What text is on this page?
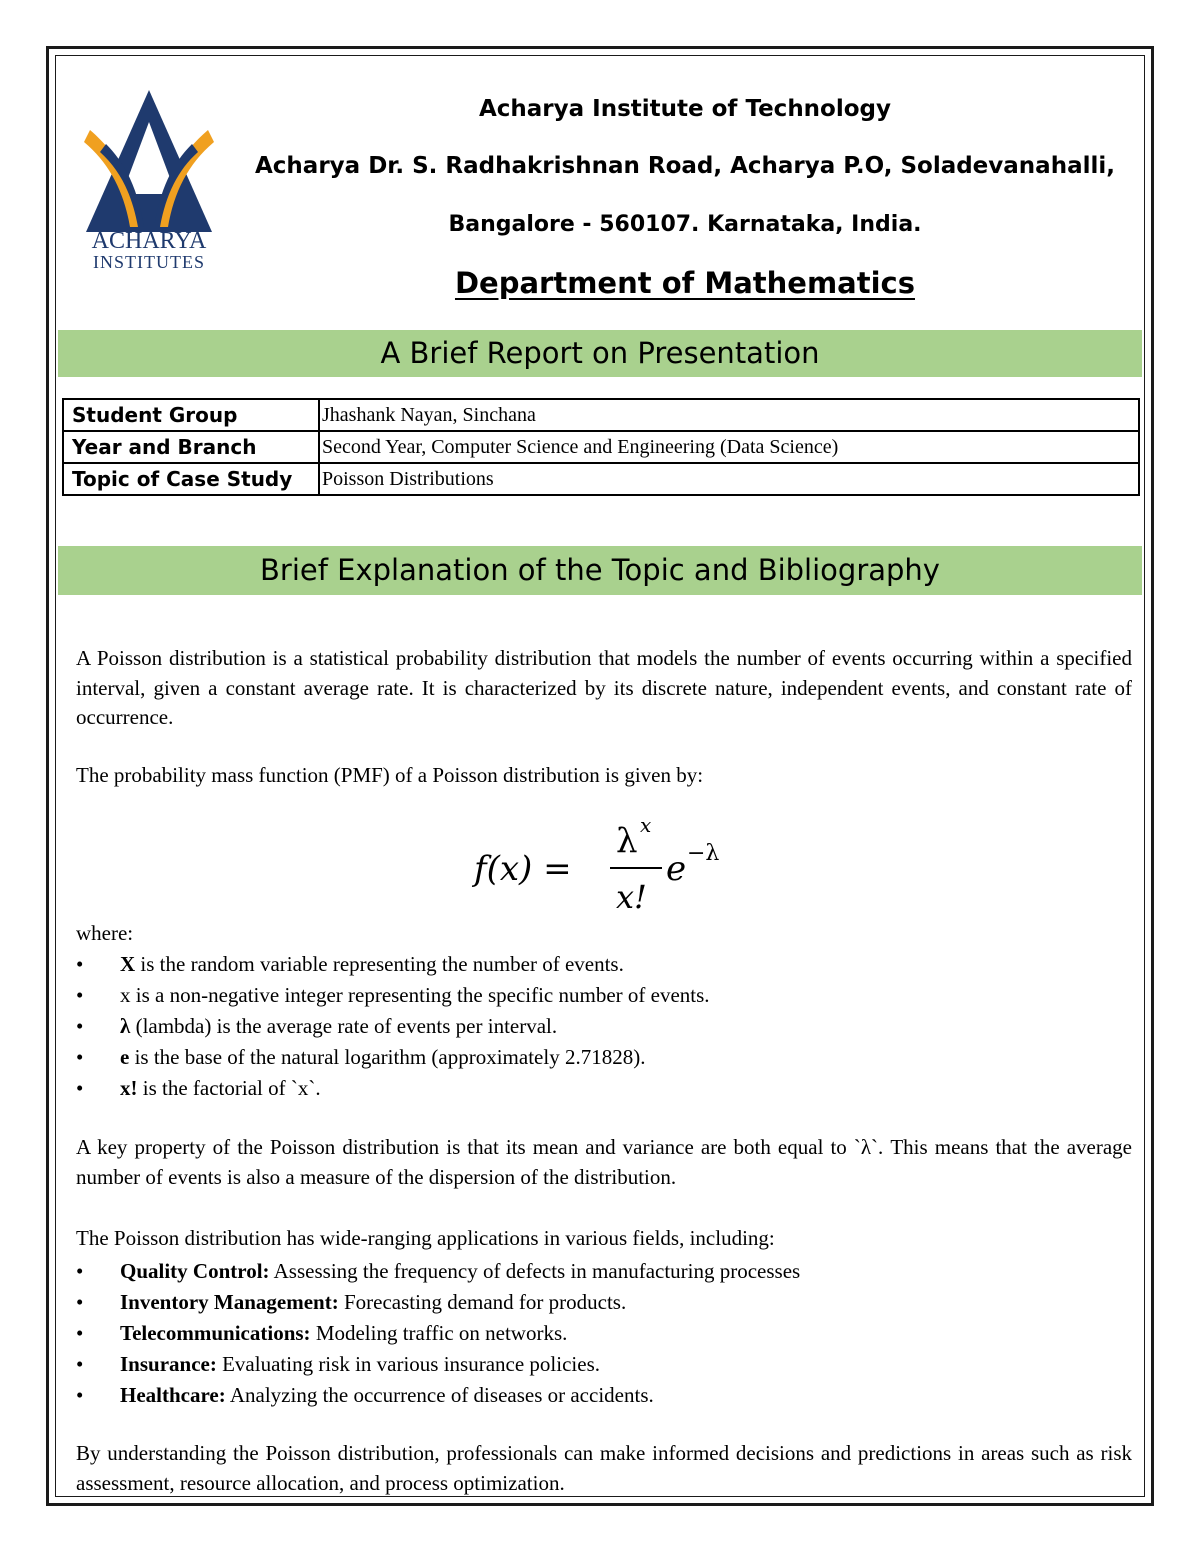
ACHARYA
INSTITUTES
Acharya Institute of Technology
Acharya Dr. S. Radhakrishnan Road, Acharya P.O, Soladevanahalli,
Bangalore - 560107. Karnataka, India.
Department of Mathematics
A Brief Report on Presentation
Student Group	Jhashank Nayan, Sinchana
Year and Branch	Second Year, Computer Science and Engineering (Data Science)
Topic of Case Study	Poisson Distributions
Brief Explanation of the Topic and Bibliography
A Poisson distribution is a statistical probability distribution that models the number of events occurring within a specified interval, given a constant average rate. It is characterized by its discrete nature, independent events, and constant rate of occurrence.
The probability mass function (PMF) of a Poisson distribution is given by:
f(x) =
λ x
x!
e −λ
where:
•	X is the random variable representing the number of events.
•	x is a non-negative integer representing the specific number of events.
•	λ (lambda) is the average rate of events per interval.
•	e is the base of the natural logarithm (approximately 2.71828).
•	x! is the factorial of `x`.
A key property of the Poisson distribution is that its mean and variance are both equal to `λ`. This means that the average number of events is also a measure of the dispersion of the distribution.
The Poisson distribution has wide-ranging applications in various fields, including:
•	Quality Control: Assessing the frequency of defects in manufacturing processes
•	Inventory Management: Forecasting demand for products.
•	Telecommunications: Modeling traffic on networks.
•	Insurance: Evaluating risk in various insurance policies.
•	Healthcare: Analyzing the occurrence of diseases or accidents.
By understanding the Poisson distribution, professionals can make informed decisions and predictions in areas such as risk assessment, resource allocation, and process optimization.
